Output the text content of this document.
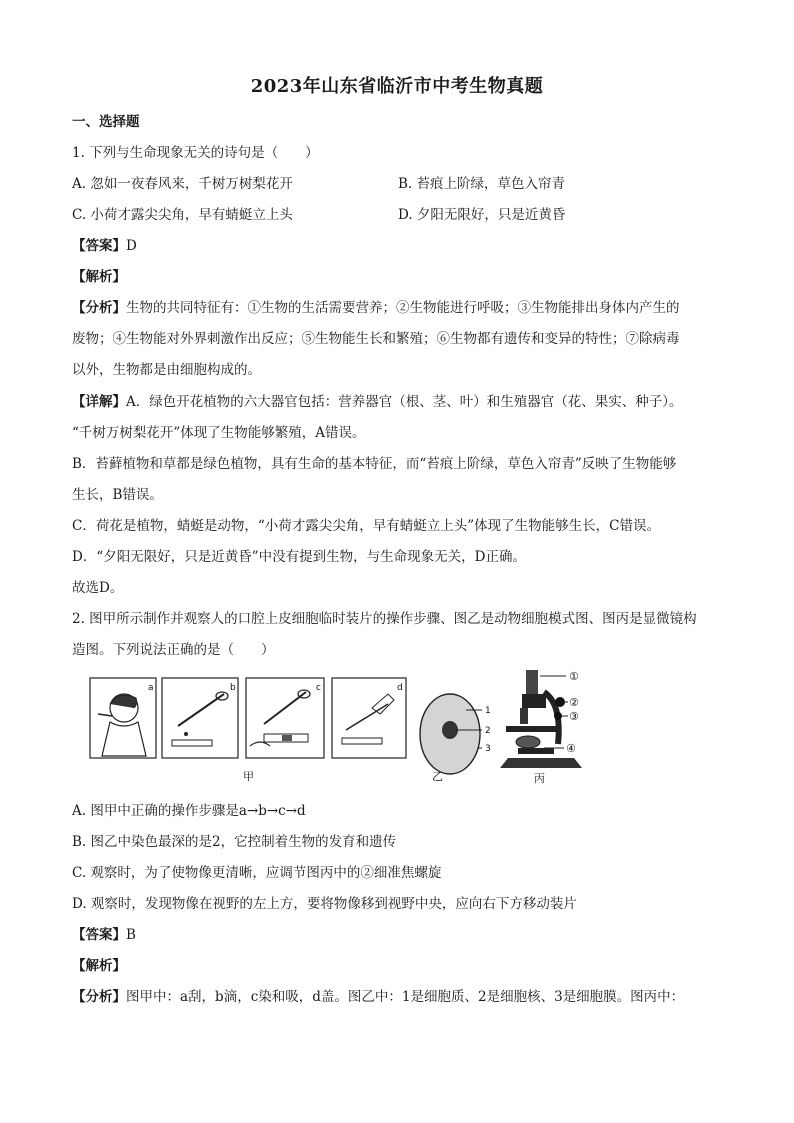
2023年山东省临沂市中考生物真题
一、选择题
1. 下列与生命现象无关的诗句是（　　）
A. 忽如一夜春风来，千树万树梨花开	B. 苔痕上阶绿，草色入帘青
C. 小荷才露尖尖角，早有蜻蜓立上头	D. 夕阳无限好，只是近黄昏
【答案】D
【解析】
【分析】生物的共同特征有：①生物的生活需要营养；②生物能进行呼吸；③生物能排出身体内产生的
废物；④生物能对外界刺激作出反应；⑤生物能生长和繁殖；⑥生物都有遗传和变异的特性；⑦除病毒
以外，生物都是由细胞构成的。
【详解】A．绿色开花植物的六大器官包括：营养器官（根、茎、叶）和生殖器官（花、果实、种子）。
“千树万树梨花开”体现了生物能够繁殖，A错误。
B．苔藓植物和草都是绿色植物，具有生命的基本特征，而“苔痕上阶绿，草色入帘青”反映了生物能够
生长，B错误。
C．荷花是植物，蜻蜓是动物，“小荷才露尖尖角，早有蜻蜓立上头”体现了生物能够生长，C错误。
D．“夕阳无限好，只是近黄昏”中没有提到生物，与生命现象无关，D正确。
故选D。
2. 图甲所示制作并观察人的口腔上皮细胞临时装片的操作步骤、图乙是动物细胞模式图、图丙是显微镜构
造图。下列说法正确的是（　　）
a	b	c	d
甲
1
2
3
乙
①
②
③
④
丙
A. 图甲中正确的操作步骤是a→b→c→d
B. 图乙中染色最深的是2，它控制着生物的发育和遗传
C. 观察时，为了使物像更清晰，应调节图丙中的②细准焦螺旋
D. 观察时，发现物像在视野的左上方，要将物像移到视野中央，应向右下方移动装片
【答案】B
【解析】
【分析】图甲中：a刮，b滴，c染和吸，d盖。图乙中：1是细胞质、2是细胞核、3是细胞膜。图丙中：
